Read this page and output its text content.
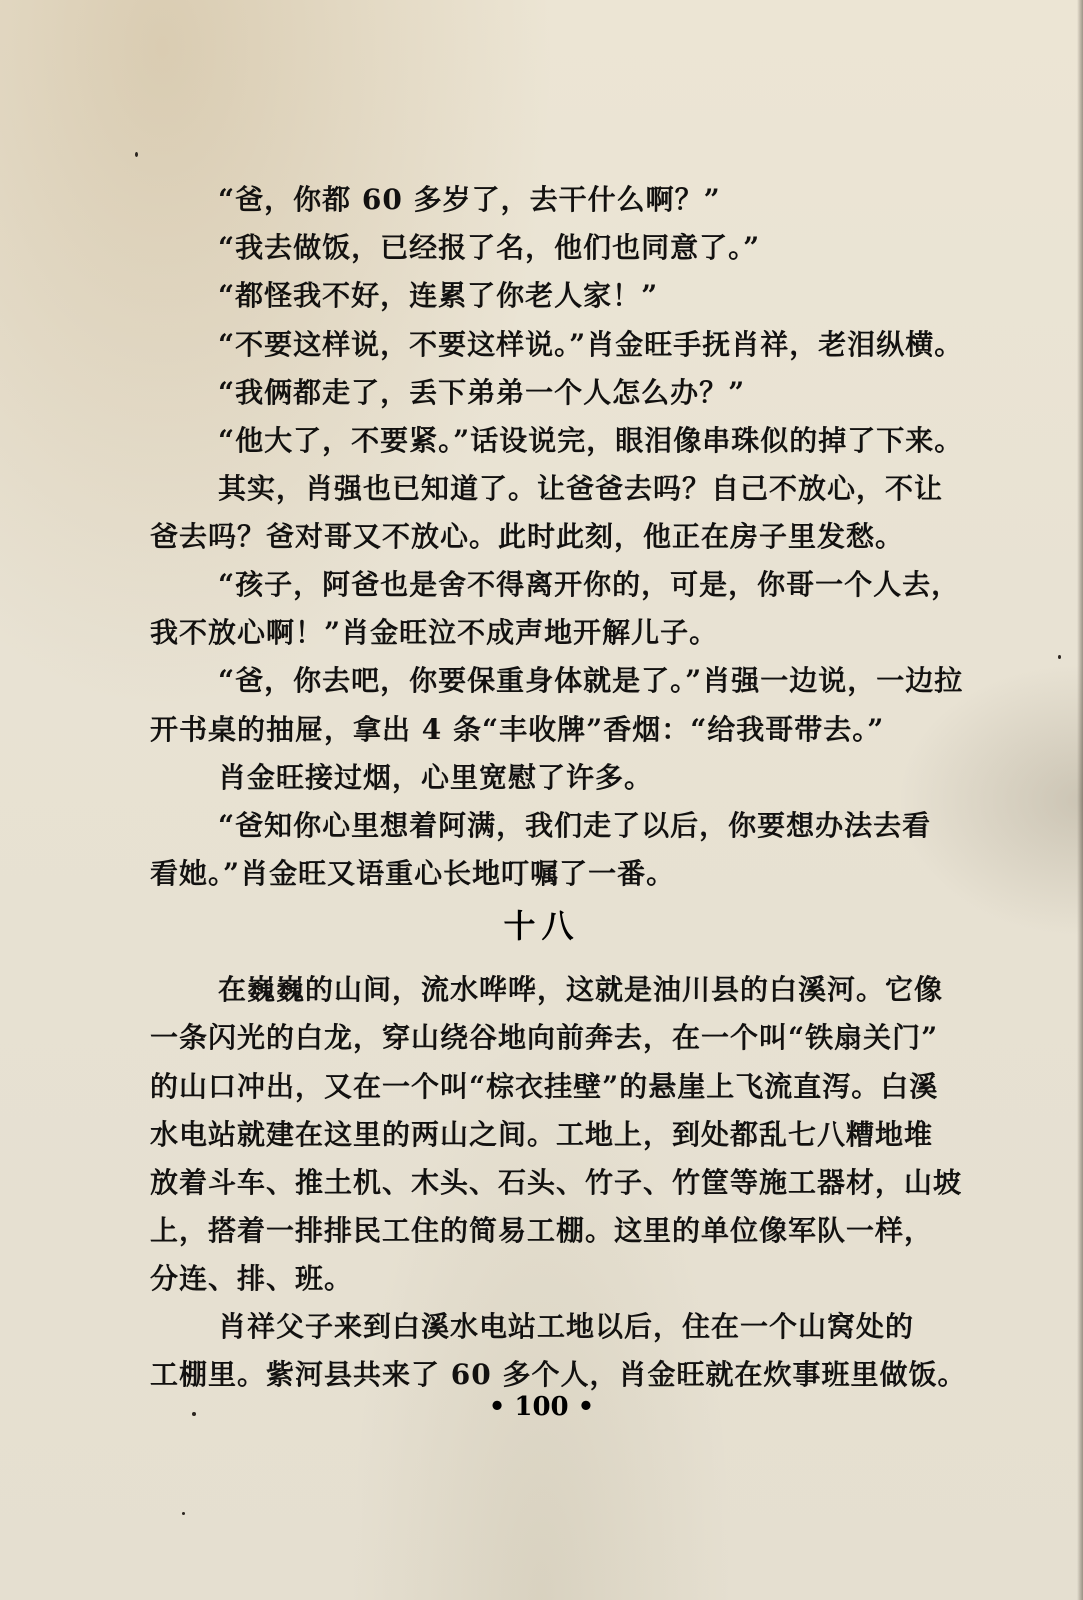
“爸，你都 60 多岁了，去干什么啊？”
“我去做饭，已经报了名，他们也同意了。”
“都怪我不好，连累了你老人家！”
“不要这样说，不要这样说。”肖金旺手抚肖祥，老泪纵横。
“我俩都走了，丢下弟弟一个人怎么办？”
“他大了，不要紧。”话设说完，眼泪像串珠似的掉了下来。
其实，肖强也已知道了。让爸爸去吗？自己不放心，不让
爸去吗？爸对哥又不放心。此时此刻，他正在房子里发愁。
“孩子，阿爸也是舍不得离开你的，可是，你哥一个人去，
我不放心啊！”肖金旺泣不成声地开解儿子。
“爸，你去吧，你要保重身体就是了。”肖强一边说，一边拉
开书桌的抽屉，拿出 4 条“丰收牌”香烟：“给我哥带去。”
肖金旺接过烟，心里宽慰了许多。
“爸知你心里想着阿满，我们走了以后，你要想办法去看
看她。”肖金旺又语重心长地叮嘱了一番。
十八
在巍巍的山间，流水哗哗，这就是油川县的白溪河。它像
一条闪光的白龙，穿山绕谷地向前奔去，在一个叫“铁扇关门”
的山口冲出，又在一个叫“棕衣挂壁”的悬崖上飞流直泻。白溪
水电站就建在这里的两山之间。工地上，到处都乱七八糟地堆
放着斗车、推土机、木头、石头、竹子、竹筐等施工器材，山坡
上，搭着一排排民工住的简易工棚。这里的单位像军队一样，
分连、排、班。
肖祥父子来到白溪水电站工地以后，住在一个山窝处的
工棚里。紫河县共来了 60 多个人，肖金旺就在炊事班里做饭。
• 100 •
